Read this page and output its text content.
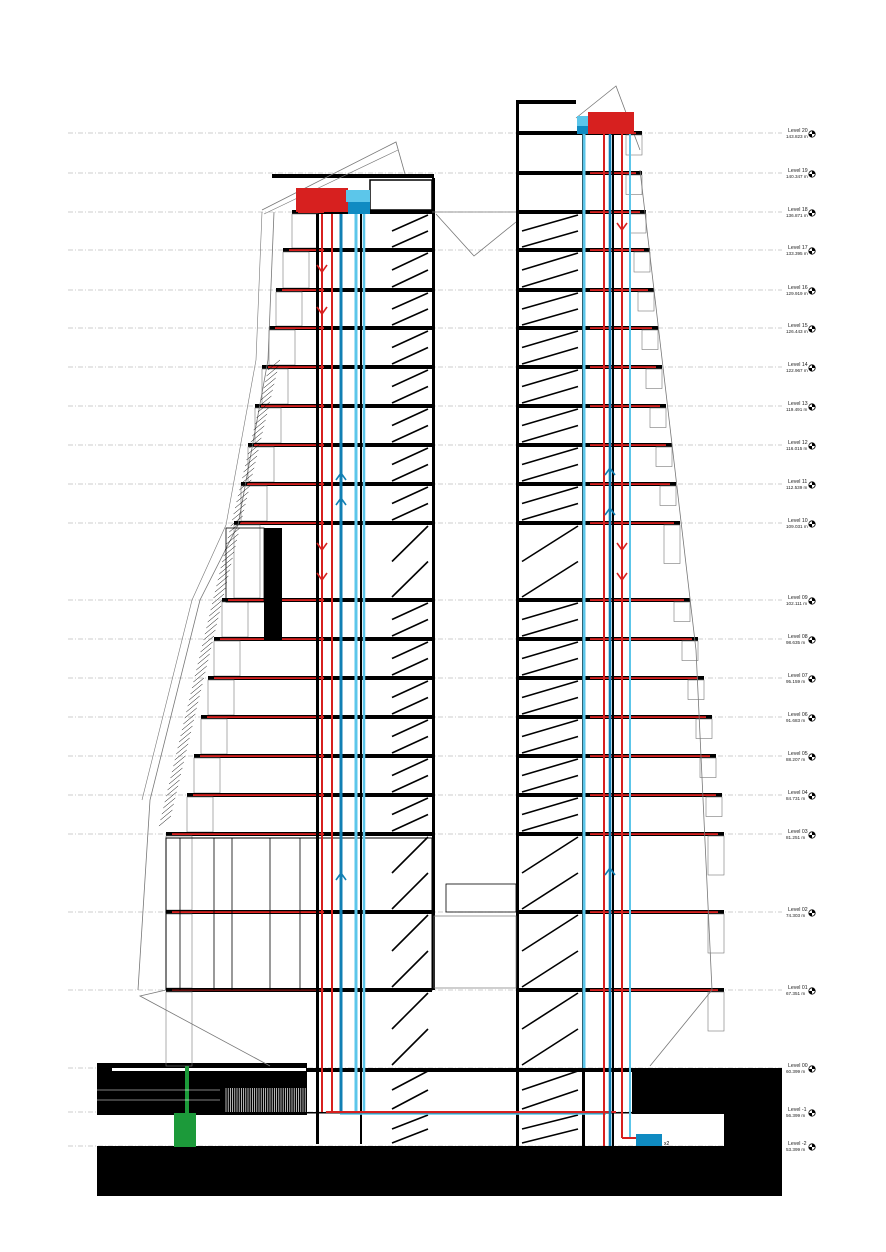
x2
Level 20
143.823 m
Level 19
140.347 m
Level 18
136.871 m
Level 17
133.395 m
Level 16
129.919 m
Level 15
126.443 m
Level 14
122.967 m
Level 13
119.491 m
Level 12
116.015 m
Level 11
112.539 m
Level 10
109.031 m
Level 09
102.111 m
Level 08
98.635 m
Level 07
95.159 m
Level 06
91.683 m
Level 05
88.207 m
Level 04
84.731 m
Level 03
81.251 m
Level 02
74.303 m
Level 01
67.351 m
Level 00
60.399 m
Level -1
56.399 m
Level -2
53.399 m
